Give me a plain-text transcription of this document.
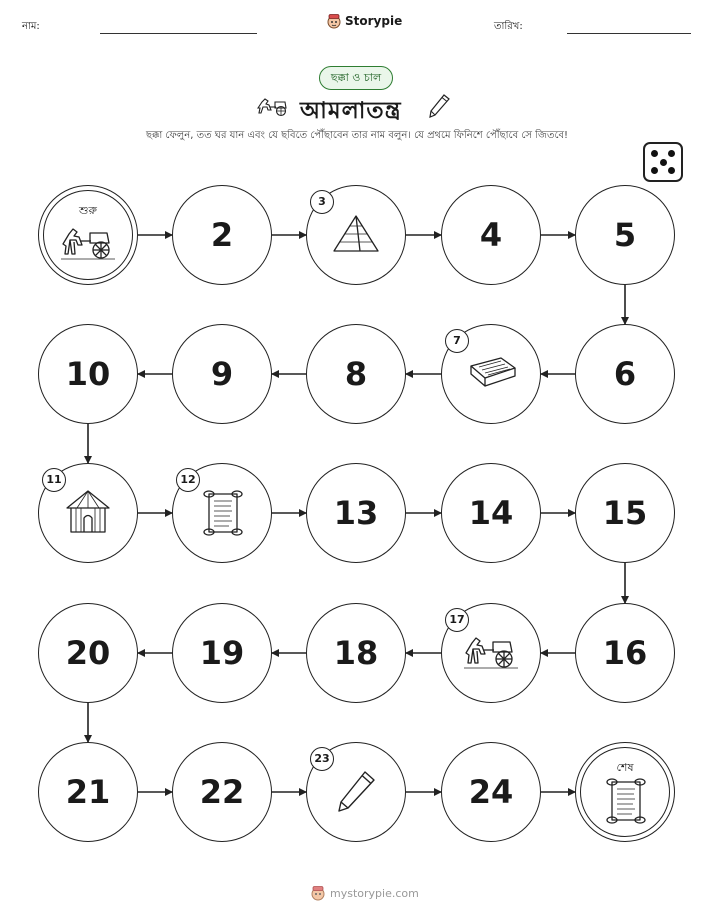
নাম:	Storypie	তারিখ:
ছক্কা ও চাল
আমলাতন্ত্র
ছক্কা ফেলুন, তত ঘর যান এবং যে ছবিতে পৌঁছাবেন তার নাম বলুন। যে প্রথমে ফিনিশে পৌঁছাবে সে জিতবে!
শুরু
2
3
4	5
6
7
8
9
10
11	12
13	14	15
16
17
18
19
20
21	22
23
24
শেষ
mystorypie.com
